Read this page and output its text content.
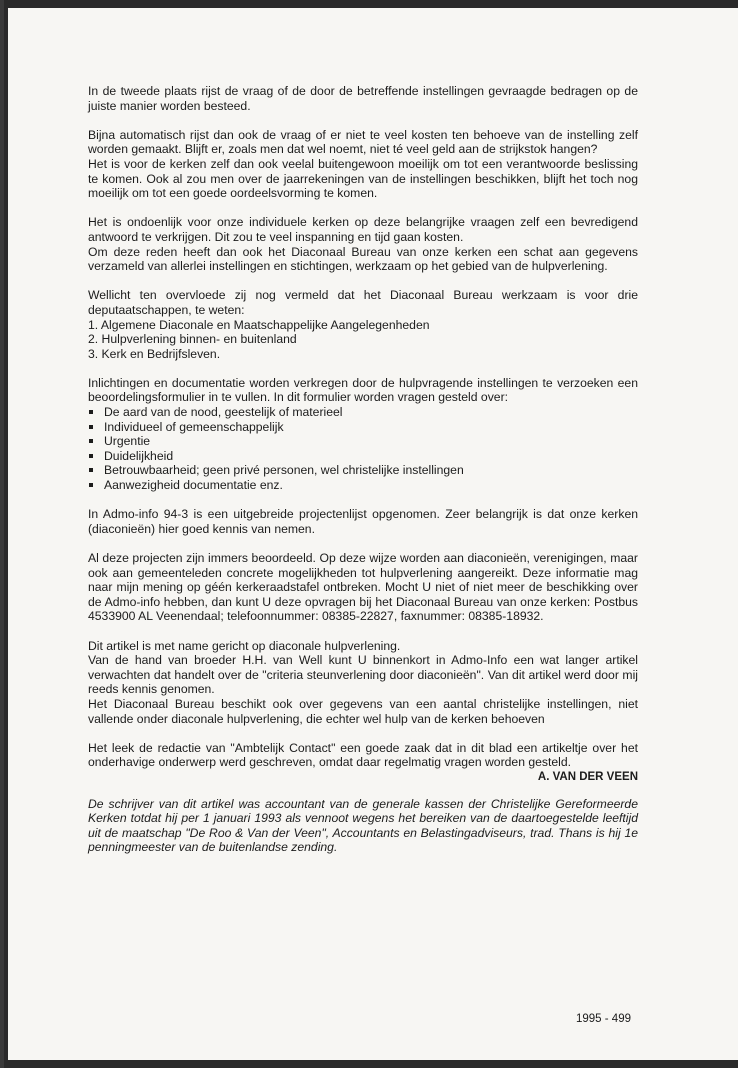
In de tweede plaats rijst de vraag of de door de betreffende instellingen gevraagde bedragen op de juiste manier worden besteed.

Bijna automatisch rijst dan ook de vraag of er niet te veel kosten ten behoeve van de instelling zelf worden gemaakt. Blijft er, zoals men dat wel noemt, niet té veel geld aan de strijkstok hangen?

Het is voor de kerken zelf dan ook veelal buitengewoon moeilijk om tot een verantwoorde beslissing te komen. Ook al zou men over de jaarrekeningen van de instellingen beschikken, blijft het toch nog moeilijk om tot een goede oordeelsvorming te komen.

Het is ondoenlijk voor onze individuele kerken op deze belangrijke vraagen zelf een bevredigend antwoord te verkrijgen. Dit zou te veel inspanning en tijd gaan kosten.

Om deze reden heeft dan ook het Diaconaal Bureau van onze kerken een schat aan gegevens verzameld van allerlei instellingen en stichtingen, werkzaam op het gebied van de hulpverlening.

Wellicht ten overvloede zij nog vermeld dat het Diaconaal Bureau werkzaam is voor drie deputaatschappen, te weten:

1. Algemene Diaconale en Maatschappelijke Aangelegenheden
2. Hulpverlening binnen- en buitenland
3. Kerk en Bedrijfsleven.

Inlichtingen en documentatie worden verkregen door de hulpvragende instellingen te verzoeken een beoordelingsformulier in te vullen. In dit formulier worden vragen gesteld over:

De aard van de nood, geestelijk of materieel
Individueel of gemeenschappelijk
Urgentie
Duidelijkheid
Betrouwbaarheid; geen privé personen, wel christelijke instellingen
Aanwezigheid documentatie enz.

In Admo-info 94-3 is een uitgebreide projectenlijst opgenomen. Zeer belangrijk is dat onze kerken (diaconieën) hier goed kennis van nemen.

Al deze projecten zijn immers beoordeeld. Op deze wijze worden aan diaconieën, verenigingen, maar ook aan gemeenteleden concrete mogelijkheden tot hulpverlening aangereikt. Deze informatie mag naar mijn mening op géén kerkeraadstafel ontbreken. Mocht U niet of niet meer de beschikking over de Admo-info hebben, dan kunt U deze opvragen bij het Diaconaal Bureau van onze kerken: Postbus 4533900 AL Veenendaal; telefoonnummer: 08385-22827, faxnummer: 08385-18932.

Dit artikel is met name gericht op diaconale hulpverlening.

Van de hand van broeder H.H. van Well kunt U binnenkort in Admo-Info een wat langer artikel verwachten dat handelt over de "criteria steunverlening door diaconieën". Van dit artikel werd door mij reeds kennis genomen.

Het Diaconaal Bureau beschikt ook over gegevens van een aantal christelijke instellingen, niet vallende onder diaconale hulpverlening, die echter wel hulp van de kerken behoeven

Het leek de redactie van "Ambtelijk Contact" een goede zaak dat in dit blad een artikeltje over het onderhavige onderwerp werd geschreven, omdat daar regelmatig vragen worden gesteld.

A. VAN DER VEEN

De schrijver van dit artikel was accountant van de generale kassen der Christelijke Gereformeerde Kerken totdat hij per 1 januari 1993 als vennoot wegens het bereiken van de daartoegestelde leeftijd uit de maatschap "De Roo & Van der Veen", Accountants en Belastingadviseurs, trad. Thans is hij 1e penningmeester van de buitenlandse zending.

1995 - 499
